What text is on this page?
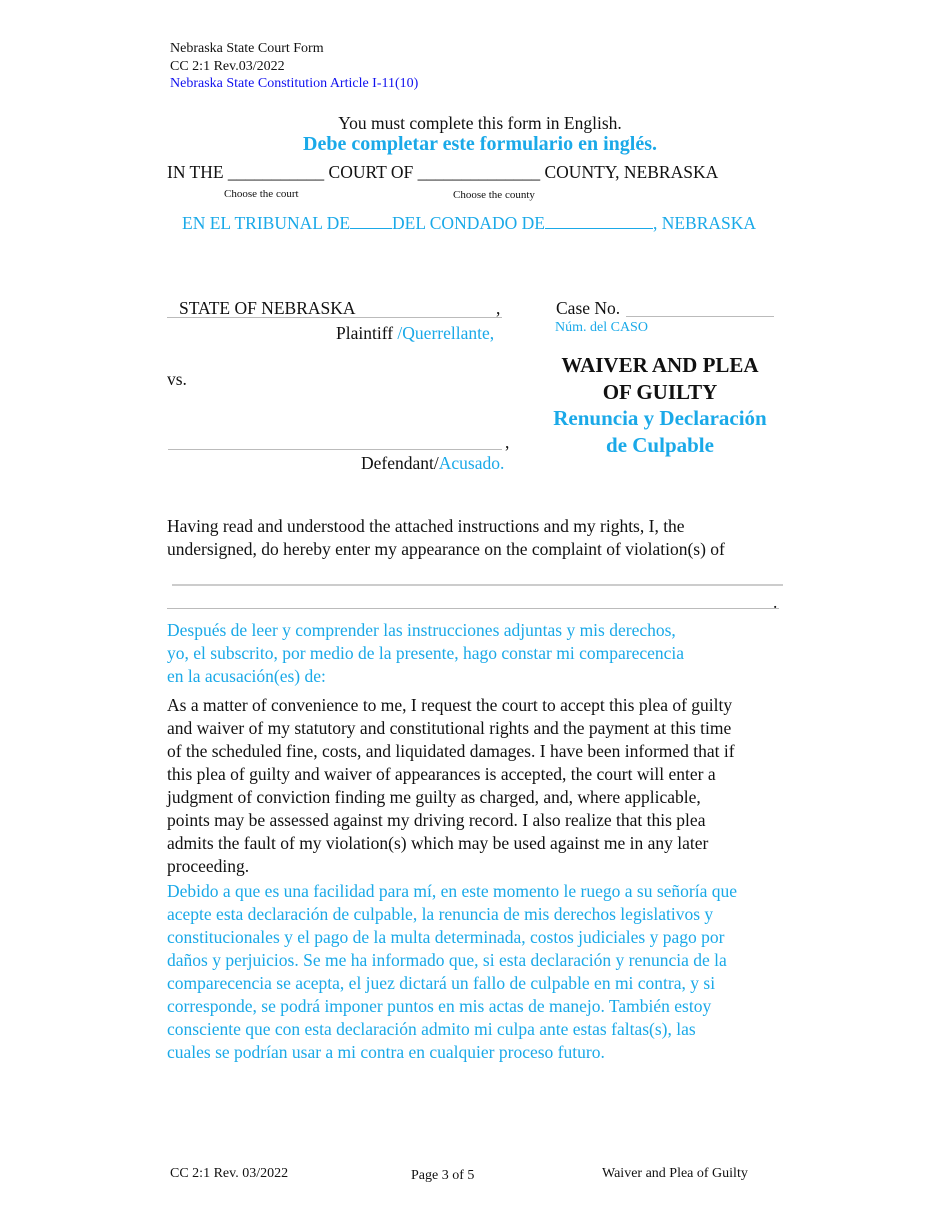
Nebraska State Court Form
CC 2:1 Rev.03/2022
Nebraska State Constitution Article I-11(10)
You must complete this form in English.
Debe completar este formulario en inglés.
IN THE ___________ COURT OF ______________ COUNTY, NEBRASKA
Choose the court	Choose the county
EN EL TRIBUNAL DE DEL CONDADO DE	, NEBRASKA
STATE OF NEBRASKA	,
Plaintiff /Querrellante,
vs.
,
Defendant/Acusado.
Case No.
Núm. del CASO
WAIVER AND PLEA
OF GUILTY
Renuncia y Declaración
de Culpable
Having read and understood the attached instructions and my rights, I, the
undersigned, do hereby enter my appearance on the complaint of violation(s) of
.
Después de leer y comprender las instrucciones adjuntas y mis derechos,
yo, el subscrito, por medio de la presente, hago constar mi comparecencia
en la acusación(es) de:
As a matter of convenience to me, I request the court to accept this plea of guilty
and waiver of my statutory and constitutional rights and the payment at this time
of the scheduled fine, costs, and liquidated damages. I have been informed that if
this plea of guilty and waiver of appearances is accepted, the court will enter a
judgment of conviction finding me guilty as charged, and, where applicable,
points may be assessed against my driving record. I also realize that this plea
admits the fault of my violation(s) which may be used against me in any later
proceeding.
Debido a que es una facilidad para mí, en este momento le ruego a su señoría que
acepte esta declaración de culpable, la renuncia de mis derechos legislativos y
constitucionales y el pago de la multa determinada, costos judiciales y pago por
daños y perjuicios. Se me ha informado que, si esta declaración y renuncia de la
comparecencia se acepta, el juez dictará un fallo de culpable en mi contra, y si
corresponde, se podrá imponer puntos en mis actas de manejo. También estoy
consciente que con esta declaración admito mi culpa ante estas faltas(s), las
cuales se podrían usar a mi contra en cualquier proceso futuro.
CC 2:1 Rev. 03/2022	Page 3 of 5	Waiver and Plea of Guilty
